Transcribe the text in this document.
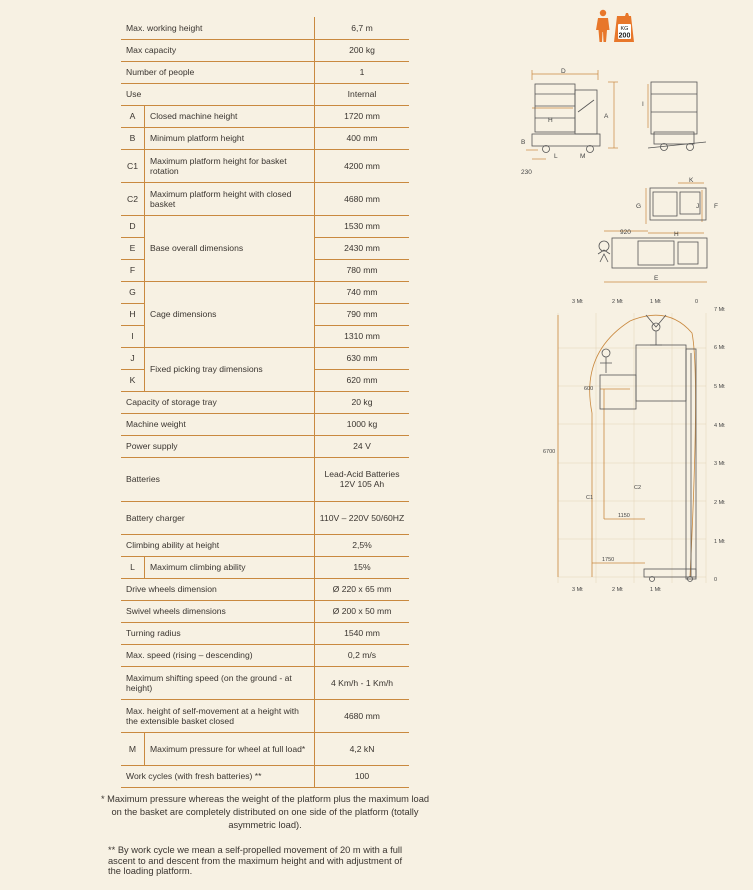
Max. working height		6,7 m
Max capacity		200 kg
Number of people		1
Use		Internal
A	Closed machine height	1720 mm
B	Minimum platform height	400 mm
C1	Maximum platform height for basket rotation	4200 mm
C2	Maximum platform height with closed basket	4680 mm
D	Base overall dimensions	1530 mm
E		2430 mm
F		780 mm
G	Cage dimensions	740 mm
H		790 mm
I		1310 mm
J	Fixed picking tray dimensions	630 mm
K		620 mm
Capacity of storage tray		20 kg
Machine weight		1000 kg
Power supply		24 V
Batteries		Lead-Acid Batteries 12V 105 Ah
Battery charger		110V – 220V 50/60HZ
Climbing ability at height		2,5%
L	Maximum climbing ability	15%
Drive wheels dimension		Ø 220 x 65 mm
Swivel wheels dimensions		Ø 200 x 50 mm
Turning radius		1540 mm
Max. speed (rising – descending)		0,2 m/s
Maximum shifting speed (on the ground - at height)		4 Km/h - 1 Km/h
Max. height of self-movement at a height with the extensible basket closed		4680 mm
M	Maximum pressure for wheel at full load*	4,2 kN
Work cycles (with fresh batteries) **		100
* Maximum pressure whereas the weight of the platform plus the maximum load on the basket are completely distributed on one side of the platform (totally asymmetric load).
** By work cycle we mean a self-propelled movement of 20 m with a full ascent to and descent from the maximum height and with adjustment of the loading platform.
KG
200
D
A
B
H
230
I
L	M
K
G	J F
920	H
E
3 Mt	2 Mt	1 Mt	0
7 Mt
6 Mt
5 Mt
4 Mt
3 Mt
2 Mt
1 Mt
0
600
6700
C1
C2
1150
1750
3 Mt	2 Mt	1 Mt
